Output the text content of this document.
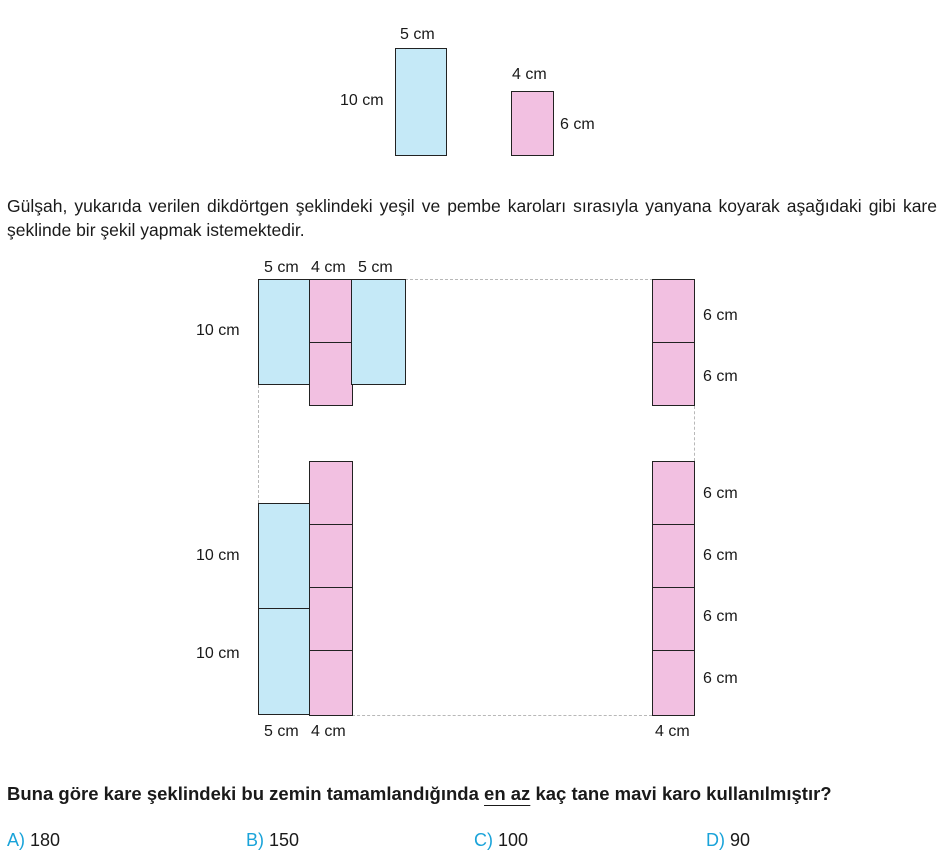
5 cm
10 cm
4 cm
6 cm
Gülşah, yukarıda verilen dikdörtgen şeklindeki yeşil ve pembe karoları sırasıyla yanyana koyarak aşağıdaki gibi kare şeklinde bir şekil yapmak istemektedir.
5 cm 4 cm 5 cm
10 cm
6 cm
6 cm
10 cm
10 cm
5 cm 4 cm
6 cm
6 cm
6 cm
6 cm
4 cm
Buna göre kare şeklindeki bu zemin tamamlandığında en az kaç tane mavi karo kullanılmıştır?
A) 180	B) 150	C) 100	D) 90
